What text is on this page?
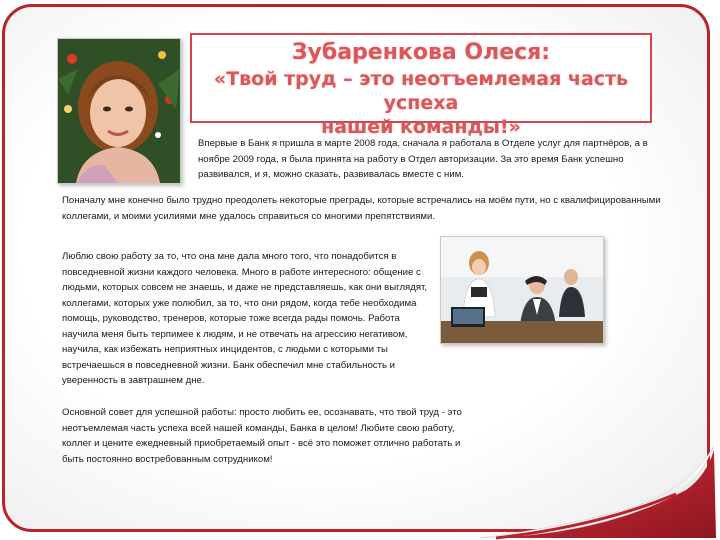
Зубаренкова Олеся:
«Твой труд – это неотъемлемая часть успеха
нашей команды!»
Впервые в Банк я пришла в марте 2008 года, сначала я работала в Отделе услуг для партнёров, а в ноябре 2009 года, я была принята на работу в Отдел авторизации. За это время Банк успешно развивался, и я, можно сказать, развивалась вместе с ним.
Поначалу мне конечно было трудно преодолеть некоторые преграды, которые встречались на моём пути, но с квалифицированными коллегами, и моими усилиями мне удалось справиться со многими препятствиями.
Люблю свою работу за то, что она мне дала много того, что понадобится в повседневной жизни каждого человека. Много в работе интересного: общение с людьми, которых совсем не знаешь, и даже не представляешь, как они выглядят, коллегами, которых уже полюбил, за то, что они рядом, когда тебе необходима помощь, руководство, тренеров, которые тоже всегда рады помочь. Работа научила меня быть терпимее к людям, и не отвечать на агрессию негативом, научила, как избежать неприятных инцидентов, с людьми с которыми ты встречаешься в повседневной жизни. Банк обеспечил мне стабильность и уверенность в завтрашнем дне.
Основной совет для успешной работы: просто любить ее, осознавать, что твой труд - это неотъемлемая часть успеха всей нашей команды, Банка в целом! Любите свою работу, коллег и цените ежедневный приобретаемый опыт - всё это поможет отлично работать и быть постоянно востребованным сотрудником!
